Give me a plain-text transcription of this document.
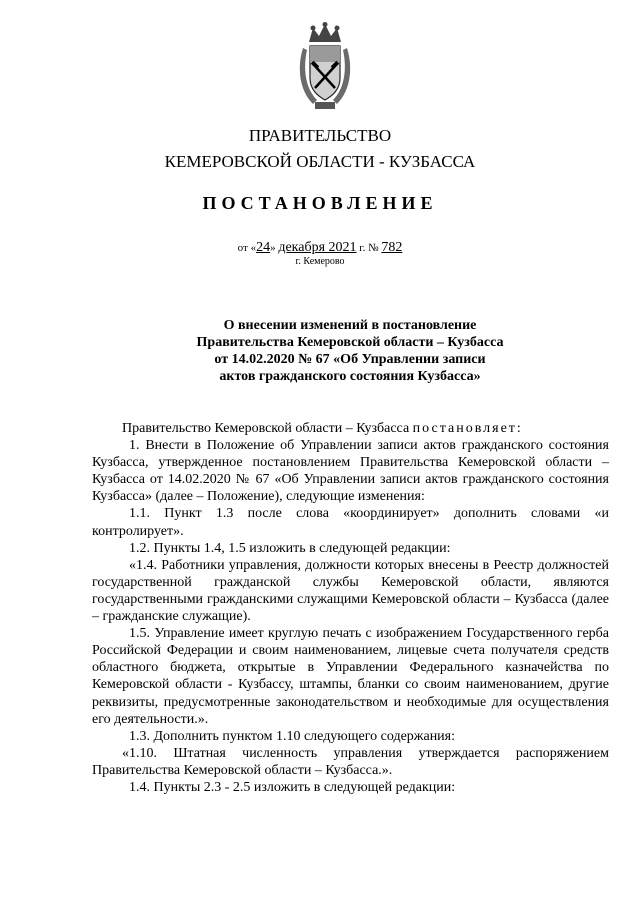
ПРАВИТЕЛЬСТВО
КЕМЕРОВСКОЙ ОБЛАСТИ - КУЗБАССА
ПОСТАНОВЛЕНИЕ
от «24» декабря 2021 г. № 782
г. Кемерово
О внесении изменений в постановление
Правительства Кемеровской области – Кузбасса
от 14.02.2020 № 67 «Об Управлении записи
актов гражданского состояния Кузбасса»

Правительство Кемеровской области – Кузбасса постановляет:

1. Внести в Положение об Управлении записи актов гражданского состояния Кузбасса, утвержденное постановлением Правительства Кемеровской области – Кузбасса от 14.02.2020 № 67 «Об Управлении записи актов гражданского состояния Кузбасса» (далее – Положение), следующие изменения:

1.1. Пункт 1.3 после слова «координирует» дополнить словами «и контролирует».

1.2. Пункты 1.4, 1.5 изложить в следующей редакции:

«1.4. Работники управления, должности которых внесены в Реестр должностей государственной гражданской службы Кемеровской области, являются государственными гражданскими служащими Кемеровской области – Кузбасса (далее – гражданские служащие).

1.5. Управление имеет круглую печать с изображением Государственного герба Российской Федерации и своим наименованием, лицевые счета получателя средств областного бюджета, открытые в Управлении Федерального казначейства по Кемеровской области - Кузбассу, штампы, бланки со своим наименованием, другие реквизиты, предусмотренные законодательством и необходимые для осуществления его деятельности.».

1.3. Дополнить пунктом 1.10 следующего содержания:

«1.10. Штатная численность управления утверждается распоряжением Правительства Кемеровской области – Кузбасса.».

1.4. Пункты 2.3 - 2.5 изложить в следующей редакции:
